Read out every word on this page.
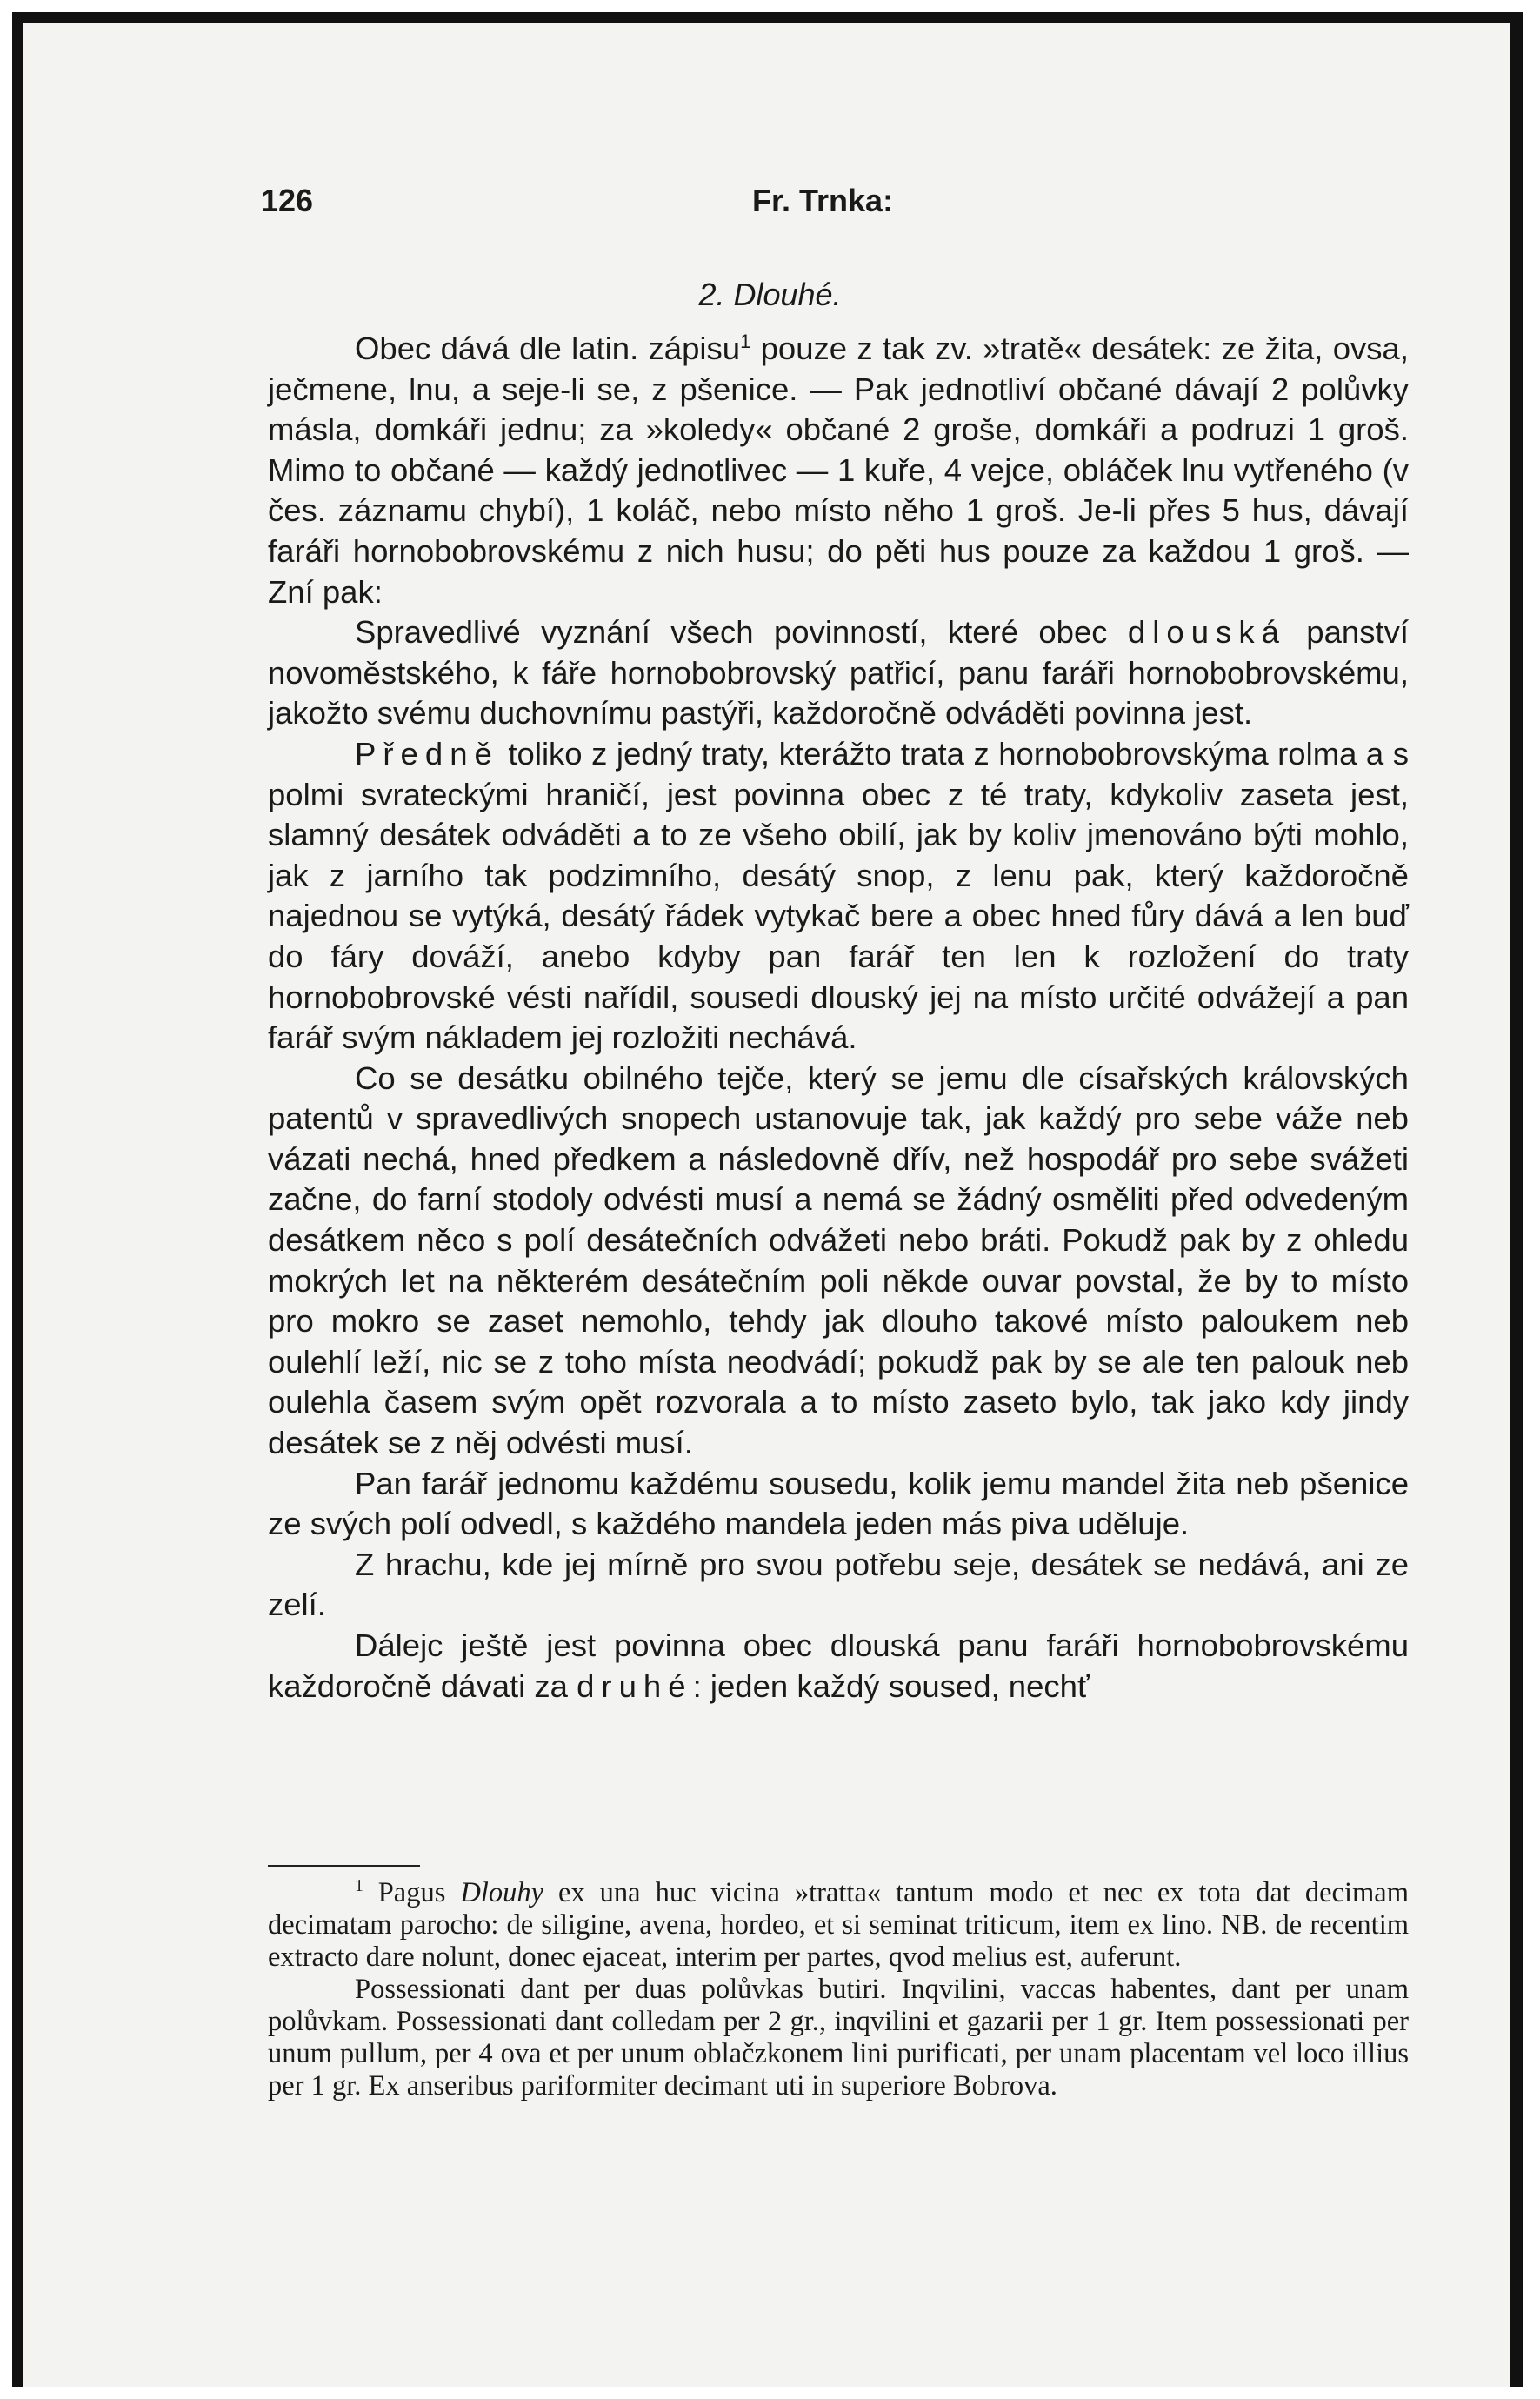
126	Fr. Trnka:
2. Dlouhé.

Obec dává dle latin. zápisu$^1$ pouze z tak zv. »tratě« desátek: ze žita, ovsa, ječmene, lnu, a seje-li se, z pšenice. — Pak jednotliví občané dávají 2 polůvky másla, domkáři jednu; za »koledy« občané 2 groše, domkáři a podruzi 1 groš. Mimo to občané — každý jednotlivec — 1 kuře, 4 vejce, obláček lnu vytřeného (v čes. záznamu chybí), 1 koláč, nebo místo něho 1 groš. Je-li přes 5 hus, dávají faráři hornobobrovskému z nich husu; do pěti hus pouze za každou 1 groš. — Zní pak:

Spravedlivé vyznání všech povinností, které obec dlouská panství novoměstského, k fáře hornobobrovský patřicí, panu faráři hornobobrovskému, jakožto svému duchovnímu pastýři, každoročně odváděti povinna jest.

Předně toliko z jedný traty, kterážto trata z hornobobrovskýma rolma a s polmi svrateckými hraničí, jest povinna obec z té traty, kdykoliv zaseta jest, slamný desátek odváděti a to ze všeho obilí, jak by koliv jmenováno býti mohlo, jak z jarního tak podzimního, desátý snop, z lenu pak, který každoročně najednou se vytýká, desátý řádek vytykač bere a obec hned fůry dává a len buď do fáry dováží, anebo kdyby pan farář ten len k rozložení do traty hornobobrovské vésti nařídil, sousedi dlouský jej na místo určité odvážejí a pan farář svým nákladem jej rozložiti nechává.

Co se desátku obilného tejče, který se jemu dle císařských královských patentů v spravedlivých snopech ustanovuje tak, jak každý pro sebe váže neb vázati nechá, hned předkem a následovně dřív, než hospodář pro sebe svážeti začne, do farní stodoly odvésti musí a nemá se žádný osměliti před odvedeným desátkem něco s polí desátečních odvážeti nebo bráti. Pokudž pak by z ohledu mokrých let na některém desátečním poli někde ouvar povstal, že by to místo pro mokro se zaset nemohlo, tehdy jak dlouho takové místo paloukem neb oulehlí leží, nic se z toho místa neodvádí; pokudž pak by se ale ten palouk neb oulehla časem svým opět rozvorala a to místo zaseto bylo, tak jako kdy jindy desátek se z něj odvésti musí.

Pan farář jednomu každému sousedu, kolik jemu mandel žita neb pšenice ze svých polí odvedl, s každého mandela jeden más piva uděluje.

Z hrachu, kde jej mírně pro svou potřebu seje, desátek se nedává, ani ze zelí.

Dálejc ještě jest povinna obec dlouská panu faráři hornobobrovskému každoročně dávati za druhé: jeden každý soused, nechť

$^1$ Pagus Dlouhy ex una huc vicina »tratta« tantum modo et nec ex tota dat decimam decimatam parocho: de siligine, avena, hordeo, et si seminat triticum, item ex lino. NB. de recentim extracto dare nolunt, donec ejaceat, interim per partes, qvod melius est, auferunt.

Possessionati dant per duas polůvkas butiri. Inqvilini, vaccas habentes, dant per unam polůvkam. Possessionati dant colledam per 2 gr., inqvilini et gazarii per 1 gr. Item possessionati per unum pullum, per 4 ova et per unum oblačzkonem lini purificati, per unam placentam vel loco illius per 1 gr. Ex anseribus pariformiter decimant uti in superiore Bobrova.
